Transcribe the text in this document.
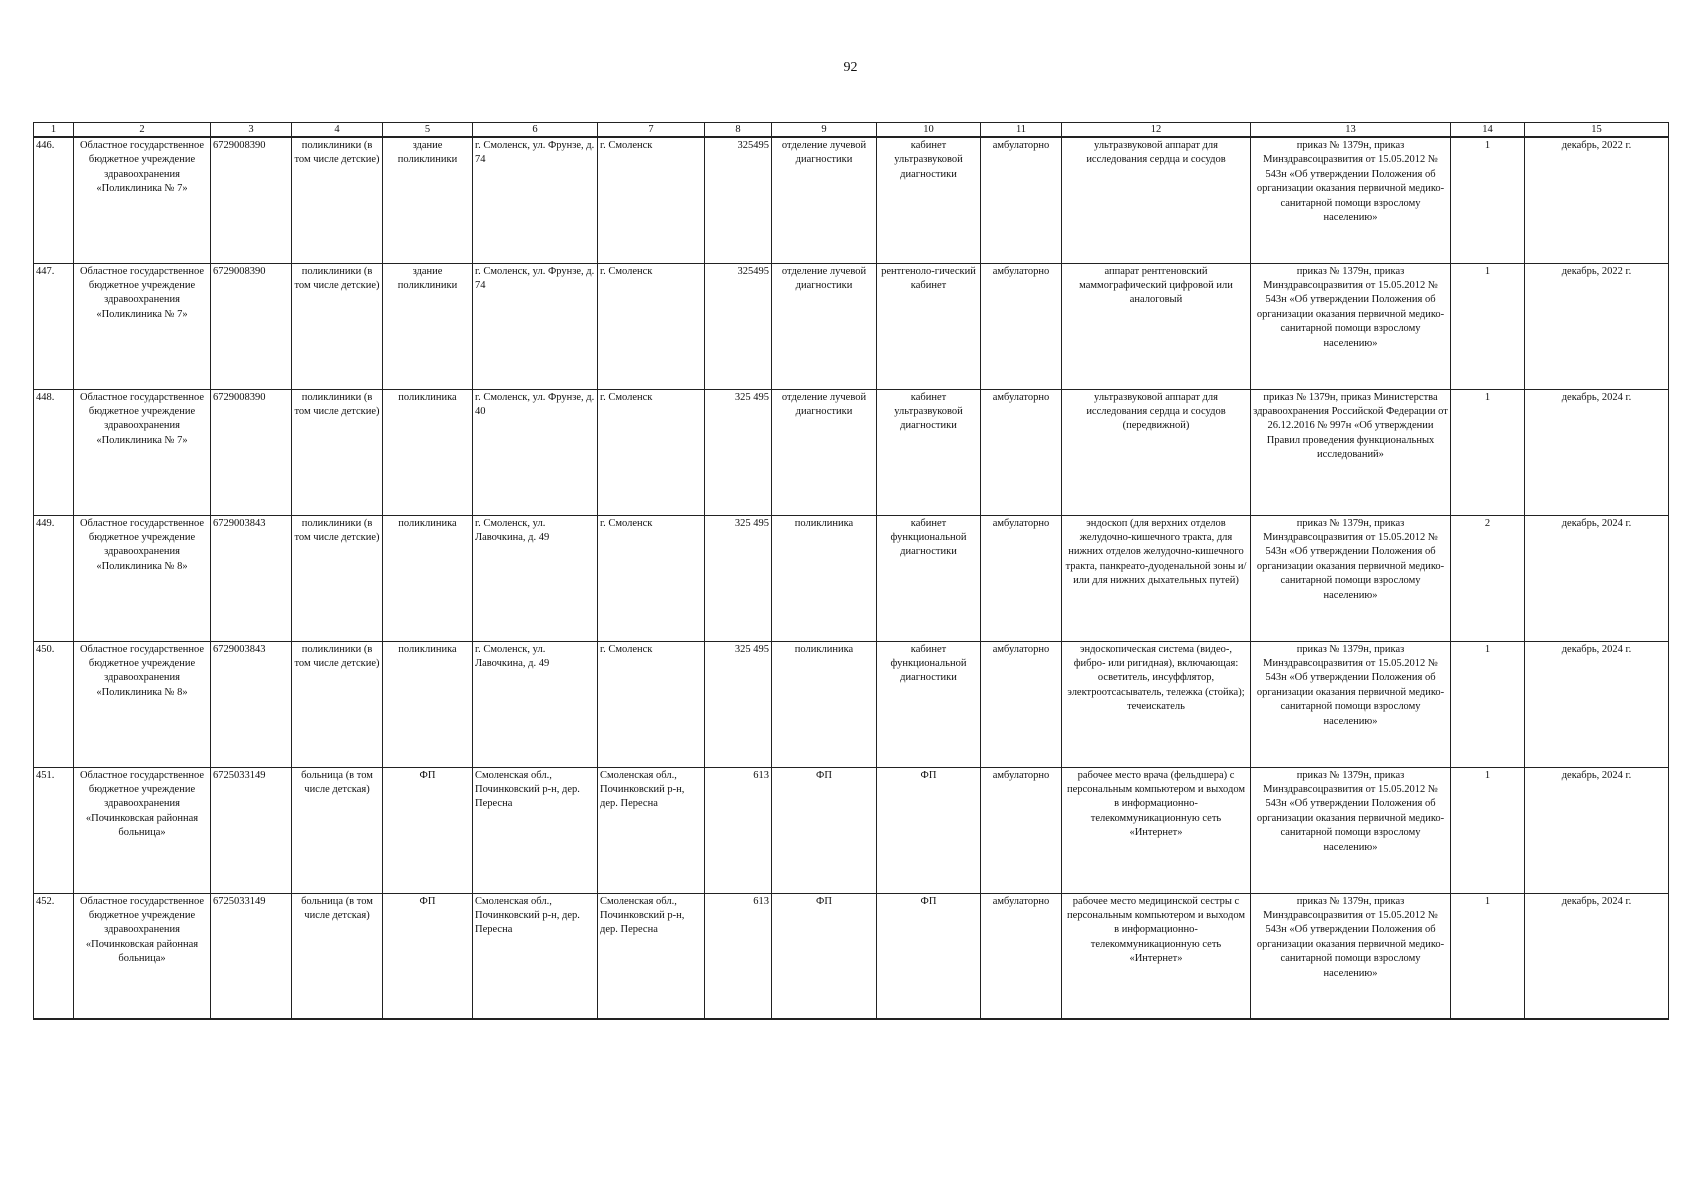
92
1	2	3	4	5	6	7	8	9	10	11	12	13	14	15
446.	Областное государственное бюджетное учреждение здравоохранения «Поликлиника № 7»	6729008390	поликлиники (в том числе детские)	здание поликлиники	г. Смоленск, ул. Фрунзе, д. 74	г. Смоленск	325495	отделение лучевой диагностики	кабинет ультразвуковой диагностики	амбулаторно	ультразвуковой аппарат для исследования сердца и сосудов	приказ № 1379н, приказ Минздравсоцразвития от 15.05.2012 № 543н «Об утверждении Положения об организации оказания первичной медико-санитарной помощи взрослому населению»	1	декабрь, 2022 г.
447.	Областное государственное бюджетное учреждение здравоохранения «Поликлиника № 7»	6729008390	поликлиники (в том числе детские)	здание поликлиники	г. Смоленск, ул. Фрунзе, д. 74	г. Смоленск	325495	отделение лучевой диагностики	рентгеноло-гический кабинет	амбулаторно	аппарат рентгеновский маммографический цифровой или аналоговый	приказ № 1379н, приказ Минздравсоцразвития от 15.05.2012 № 543н «Об утверждении Положения об организации оказания первичной медико-санитарной помощи взрослому населению»	1	декабрь, 2022 г.
448.	Областное государственное бюджетное учреждение здравоохранения «Поликлиника № 7»	6729008390	поликлиники (в том числе детские)	поликлиника	г. Смоленск, ул. Фрунзе, д. 40	г. Смоленск	325 495	отделение лучевой диагностики	кабинет ультразвуковой диагностики	амбулаторно	ультразвуковой аппарат для исследования сердца и сосудов (передвижной)	приказ № 1379н, приказ Министерства здравоохранения Российской Федерации от 26.12.2016 № 997н «Об утверждении Правил проведения функциональных исследований»	1	декабрь, 2024 г.
449.	Областное государственное бюджетное учреждение здравоохранения «Поликлиника № 8»	6729003843	поликлиники (в том числе детские)	поликлиника	г. Смоленск, ул. Лавочкина, д. 49	г. Смоленск	325 495	поликлиника	кабинет функциональной диагностики	амбулаторно	эндоскоп (для верхних отделов желудочно-кишечного тракта, для нижних отделов желудочно-кишечного тракта, панкреато-дуоденальной зоны и/или для нижних дыхательных путей)	приказ № 1379н, приказ Минздравсоцразвития от 15.05.2012 № 543н «Об утверждении Положения об организации оказания первичной медико-санитарной помощи взрослому населению»	2	декабрь, 2024 г.
450.	Областное государственное бюджетное учреждение здравоохранения «Поликлиника № 8»	6729003843	поликлиники (в том числе детские)	поликлиника	г. Смоленск, ул. Лавочкина, д. 49	г. Смоленск	325 495	поликлиника	кабинет функциональной диагностики	амбулаторно	эндоскопическая система (видео-, фибро- или ригидная), включающая: осветитель, инсуффлятор, электроотсасыватель, тележка (стойка); течеискатель	приказ № 1379н, приказ Минздравсоцразвития от 15.05.2012 № 543н «Об утверждении Положения об организации оказания первичной медико-санитарной помощи взрослому населению»	1	декабрь, 2024 г.
451.	Областное государственное бюджетное учреждение здравоохранения «Починковская районная больница»	6725033149	больница (в том числе детская)	ФП	Смоленская обл., Починковский р-н, дер. Пересна	Смоленская обл., Починковский р-н, дер. Пересна	613	ФП	ФП	амбулаторно	рабочее место врача (фельдшера) с персональным компьютером и выходом в информационно-телекоммуникационную сеть «Интернет»	приказ № 1379н, приказ Минздравсоцразвития от 15.05.2012 № 543н «Об утверждении Положения об организации оказания первичной медико-санитарной помощи взрослому населению»	1	декабрь, 2024 г.
452.	Областное государственное бюджетное учреждение здравоохранения «Починковская районная больница»	6725033149	больница (в том числе детская)	ФП	Смоленская обл., Починковский р-н, дер. Пересна	Смоленская обл., Починковский р-н, дер. Пересна	613	ФП	ФП	амбулаторно	рабочее место медицинской сестры с персональным компьютером и выходом в информационно-телекоммуникационную сеть «Интернет»	приказ № 1379н, приказ Минздравсоцразвития от 15.05.2012 № 543н «Об утверждении Положения об организации оказания первичной медико-санитарной помощи взрослому населению»	1	декабрь, 2024 г.
